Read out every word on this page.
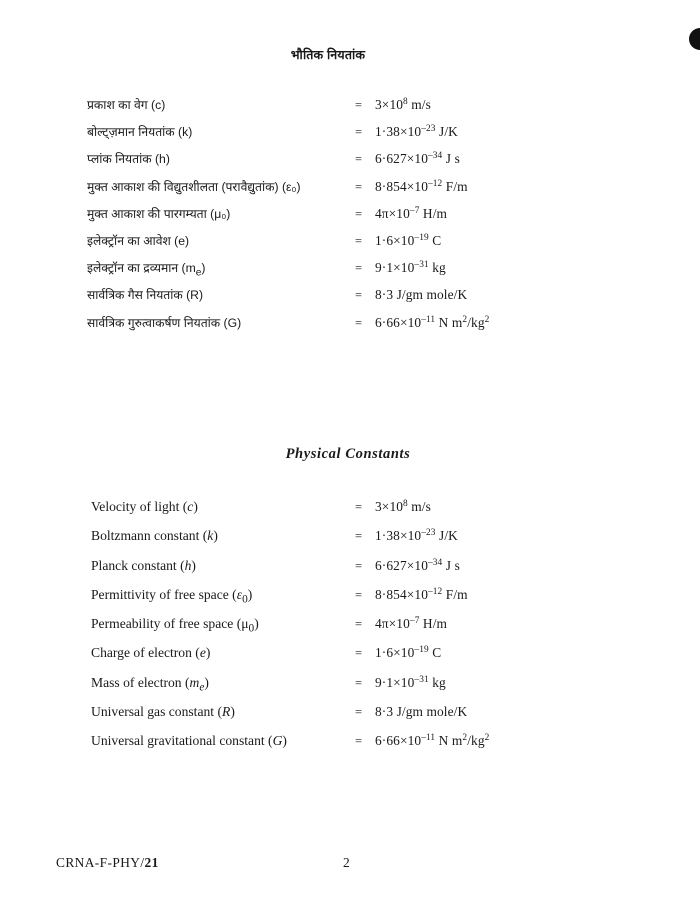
भौतिक नियतांक
प्रकाश का वेग (c)	=	$3\times 10^8$ m/s
बोल्ट्ज़मान नियतांक (k)	=	$1\cdot 38\times 10^{-23}$ J/K
प्लांक नियतांक (h)	=	$6\cdot 627\times 10^{-34}$ J s
मुक्त आकाश की विद्युतशीलता (परावैद्युतांक) (ε₀)	=	$8\cdot 854\times 10^{-12}$ F/m
मुक्त आकाश की पारगम्यता (μ₀)	=	$4\pi\times 10^{-7}$ H/m
इलेक्ट्रॉन का आवेश (e)	=	$1\cdot 6\times 10^{-19}$ C
इलेक्ट्रॉन का द्रव्यमान $(m_e)$	=	$9\cdot 1\times 10^{-31}$ kg
सार्वत्रिक गैस नियतांक (R)	=	8·3 J/gm mole/K
सार्वत्रिक गुरुत्वाकर्षण नियतांक (G)	=	$6\cdot 66\times 10^{-11}$ N $m^2/kg^2$
Physical Constants
Velocity of light (c)	=	$3\times 10^8$ m/s
Boltzmann constant (k)	=	$1\cdot 38\times 10^{-23}$ J/K
Planck constant (h)	=	$6\cdot 627\times 10^{-34}$ J s
Permittivity of free space $(\varepsilon_0)$	=	$8\cdot 854\times 10^{-12}$ F/m
Permeability of free space $(\mu_0)$	=	$4\pi\times 10^{-7}$ H/m
Charge of electron (e)	=	$1\cdot 6\times 10^{-19}$ C
Mass of electron $(m_e)$	=	$9\cdot 1\times 10^{-31}$ kg
Universal gas constant (R)	=	8·3 J/gm mole/K
Universal gravitational constant (G)	=	$6\cdot 66\times 10^{-11}$ N $m^2/kg^2$
CRNA-F-PHY/21	2
